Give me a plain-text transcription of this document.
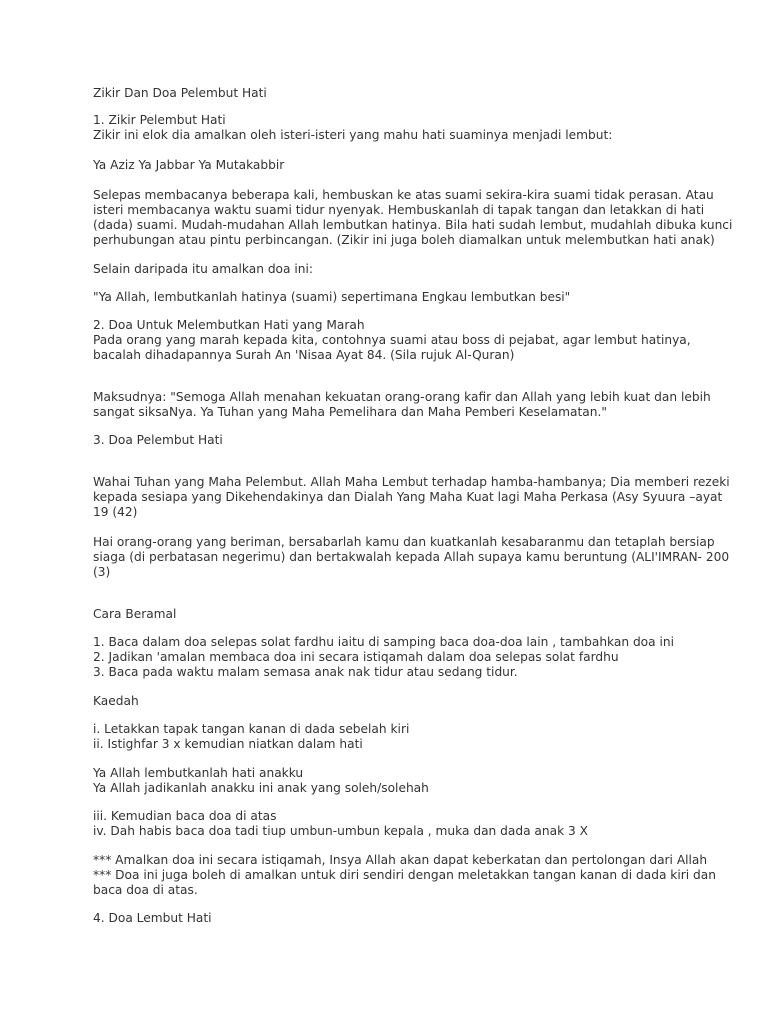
Zikir Dan Doa Pelembut Hati

1. Zikir Pelembut Hati

Zikir ini elok dia amalkan oleh isteri-isteri yang mahu hati suaminya menjadi lembut:

Ya Aziz Ya Jabbar Ya Mutakabbir

Selepas membacanya beberapa kali, hembuskan ke atas suami sekira-kira suami tidak perasan. Atau

isteri membacanya waktu suami tidur nyenyak. Hembuskanlah di tapak tangan dan letakkan di hati

(dada) suami. Mudah-mudahan Allah lembutkan hatinya. Bila hati sudah lembut, mudahlah dibuka kunci

perhubungan atau pintu perbincangan. (Zikir ini juga boleh diamalkan untuk melembutkan hati anak)

Selain daripada itu amalkan doa ini:

"Ya Allah, lembutkanlah hatinya (suami) sepertimana Engkau lembutkan besi"

2. Doa Untuk Melembutkan Hati yang Marah

Pada orang yang marah kepada kita, contohnya suami atau boss di pejabat, agar lembut hatinya,

bacalah dihadapannya Surah An 'Nisaa Ayat 84. (Sila rujuk Al-Quran)

Maksudnya: "Semoga Allah menahan kekuatan orang-orang kafir dan Allah yang lebih kuat dan lebih

sangat siksaNya. Ya Tuhan yang Maha Pemelihara dan Maha Pemberi Keselamatan."

3. Doa Pelembut Hati

Wahai Tuhan yang Maha Pelembut. Allah Maha Lembut terhadap hamba-hambanya; Dia memberi rezeki

kepada sesiapa yang Dikehendakinya dan Dialah Yang Maha Kuat lagi Maha Perkasa (Asy Syuura –ayat

19 (42)

Hai orang-orang yang beriman, bersabarlah kamu dan kuatkanlah kesabaranmu dan tetaplah bersiap

siaga (di perbatasan negerimu) dan bertakwalah kepada Allah supaya kamu beruntung (ALI'IMRAN- 200

(3)

Cara Beramal

1. Baca dalam doa selepas solat fardhu iaitu di samping baca doa-doa lain , tambahkan doa ini

2. Jadikan 'amalan membaca doa ini secara istiqamah dalam doa selepas solat fardhu

3. Baca pada waktu malam semasa anak nak tidur atau sedang tidur.

Kaedah

i. Letakkan tapak tangan kanan di dada sebelah kiri

ii. Istighfar 3 x kemudian niatkan dalam hati

Ya Allah lembutkanlah hati anakku

Ya Allah jadikanlah anakku ini anak yang soleh/solehah

iii. Kemudian baca doa di atas

iv. Dah habis baca doa tadi tiup umbun-umbun kepala , muka dan dada anak 3 X

*** Amalkan doa ini secara istiqamah, Insya Allah akan dapat keberkatan dan pertolongan dari Allah

*** Doa ini juga boleh di amalkan untuk diri sendiri dengan meletakkan tangan kanan di dada kiri dan

baca doa di atas.

4. Doa Lembut Hati
